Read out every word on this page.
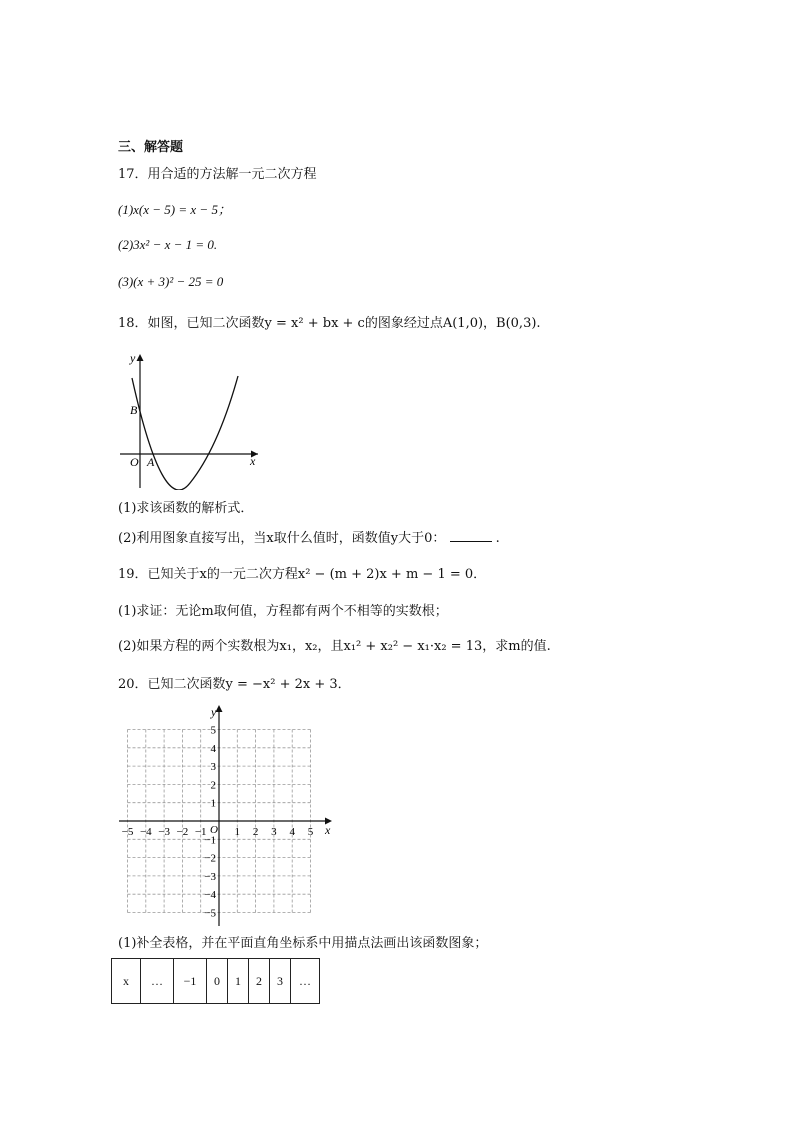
三、解答题
17．用合适的方法解一元二次方程
(1)x(x − 5) = x − 5；
(2)3x² − x − 1 = 0.
(3)(x + 3)² − 25 = 0
18．如图，已知二次函数y = x² + bx + c的图象经过点A(1,0)，B(0,3).
y
x
O A
B
(1)求该函数的解析式．
(2)利用图象直接写出，当x取什么值时，函数值y大于0：	.
19．已知关于x的一元二次方程x² − (m + 2)x + m − 1 = 0．
(1)求证：无论m取何值，方程都有两个不相等的实数根；
(2)如果方程的两个实数根为x₁，x₂，且x₁² + x₂² − x₁·x₂ = 13，求m的值.
20．已知二次函数y = −x² + 2x + 3．
x
y
O
−5 −4 −3 −2 −1	1 2 3 4 5
5
4
3
2
1
−1
−2
−3
−4
−5
(1)补全表格，并在平面直角坐标系中用描点法画出该函数图象；
x	…	−1	0	1	2	3	…
